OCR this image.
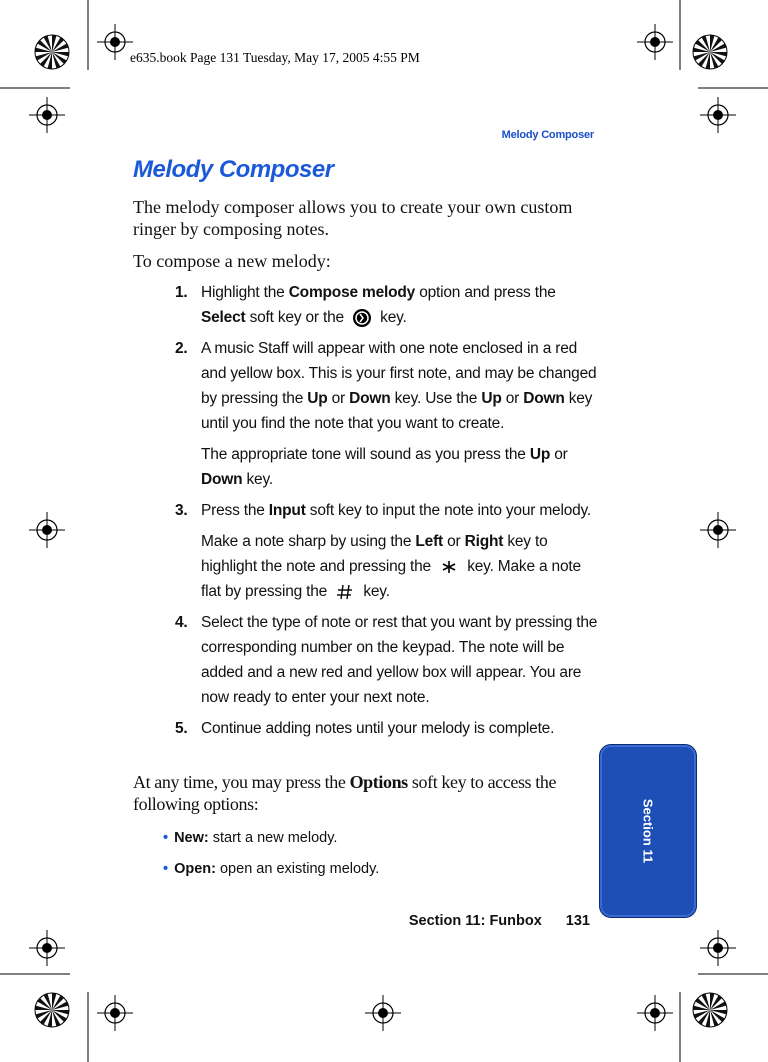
e635.book Page 131 Tuesday, May 17, 2005 4:55 PM
Melody Composer
Melody Composer
The melody composer allows you to create your own custom ringer by composing notes.
To compose a new melody:
1. Highlight the Compose melody option and press the Select soft key or the  key.
2. A music Staff will appear with one note enclosed in a red and yellow box. This is your first note, and may be changed by pressing the Up or Down key. Use the Up or Down key until you find the note that you want to create.
The appropriate tone will sound as you press the Up or Down key.
3. Press the Input soft key to input the note into your melody.
Make a note sharp by using the Left or Right key to highlight the note and pressing the  key. Make a note flat by pressing the  key.
4. Select the type of note or rest that you want by pressing the corresponding number on the keypad. The note will be added and a new red and yellow box will appear. You are now ready to enter your next note.
5. Continue adding notes until your melody is complete.
At any time, you may press the Options soft key to access the following options:
• New: start a new melody.
• Open: open an existing melody.
Section 11
Section 11: Funbox 131
